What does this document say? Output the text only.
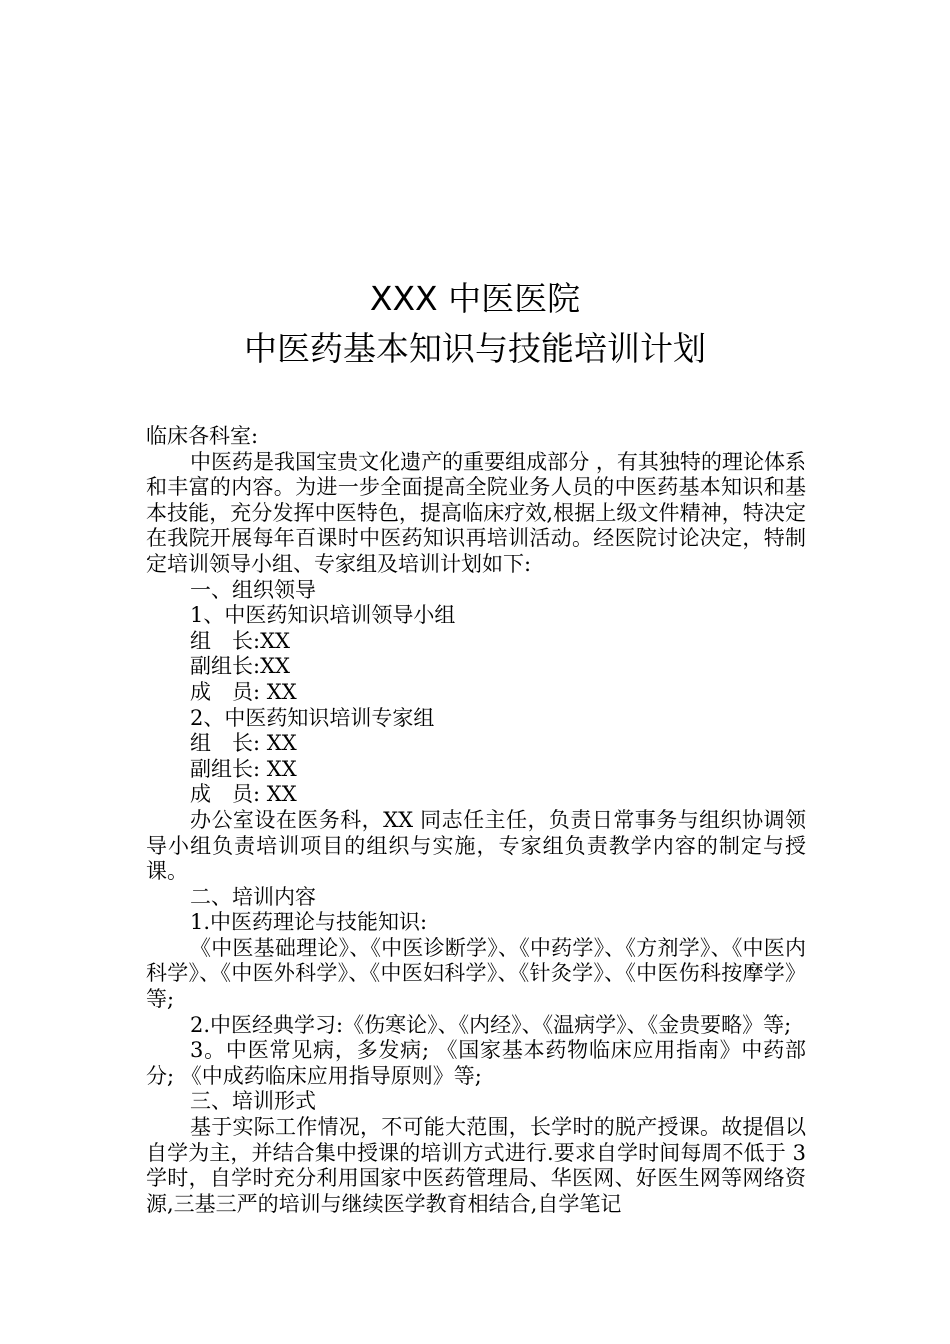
XXX 中医医院
中医药基本知识与技能培训计划

临床各科室:

中医药是我国宝贵文化遗产的重要组成部分 ，有其独特的理论体系和丰富的内容。为进一步全面提高全院业务人员的中医药基本知识和基本技能，充分发挥中医特色，提高临床疗效,根据上级文件精神，特决定在我院开展每年百课时中医药知识再培训活动。经医院讨论决定，特制定培训领导小组、专家组及培训计划如下:

一、组织领导

1、中医药知识培训领导小组

组　长:XX

副组长:XX

成　员: XX

2、中医药知识培训专家组

组　长: XX

副组长: XX

成　员: XX

办公室设在医务科，XX 同志任主任，负责日常事务与组织协调领导小组负责培训项目的组织与实施，专家组负责教学内容的制定与授课。

二、培训内容

1.中医药理论与技能知识:

《中医基础理论》、《中医诊断学》、《中药学》、《方剂学》、《中医内科学》、《中医外科学》、《中医妇科学》、《针灸学》、《中医伤科按摩学》等;

2.中医经典学习:《伤寒论》、《内经》、《温病学》、《金贵要略》等;

3。中医常见病，多发病; 《国家基本药物临床应用指南》中药部分; 《中成药临床应用指导原则》等;

三、培训形式

基于实际工作情况，不可能大范围，长学时的脱产授课。故提倡以自学为主，并结合集中授课的培训方式进行.要求自学时间每周不低于 3 学时，自学时充分利用国家中医药管理局、华医网、好医生网等网络资源,三基三严的培训与继续医学教育相结合,自学笔记
